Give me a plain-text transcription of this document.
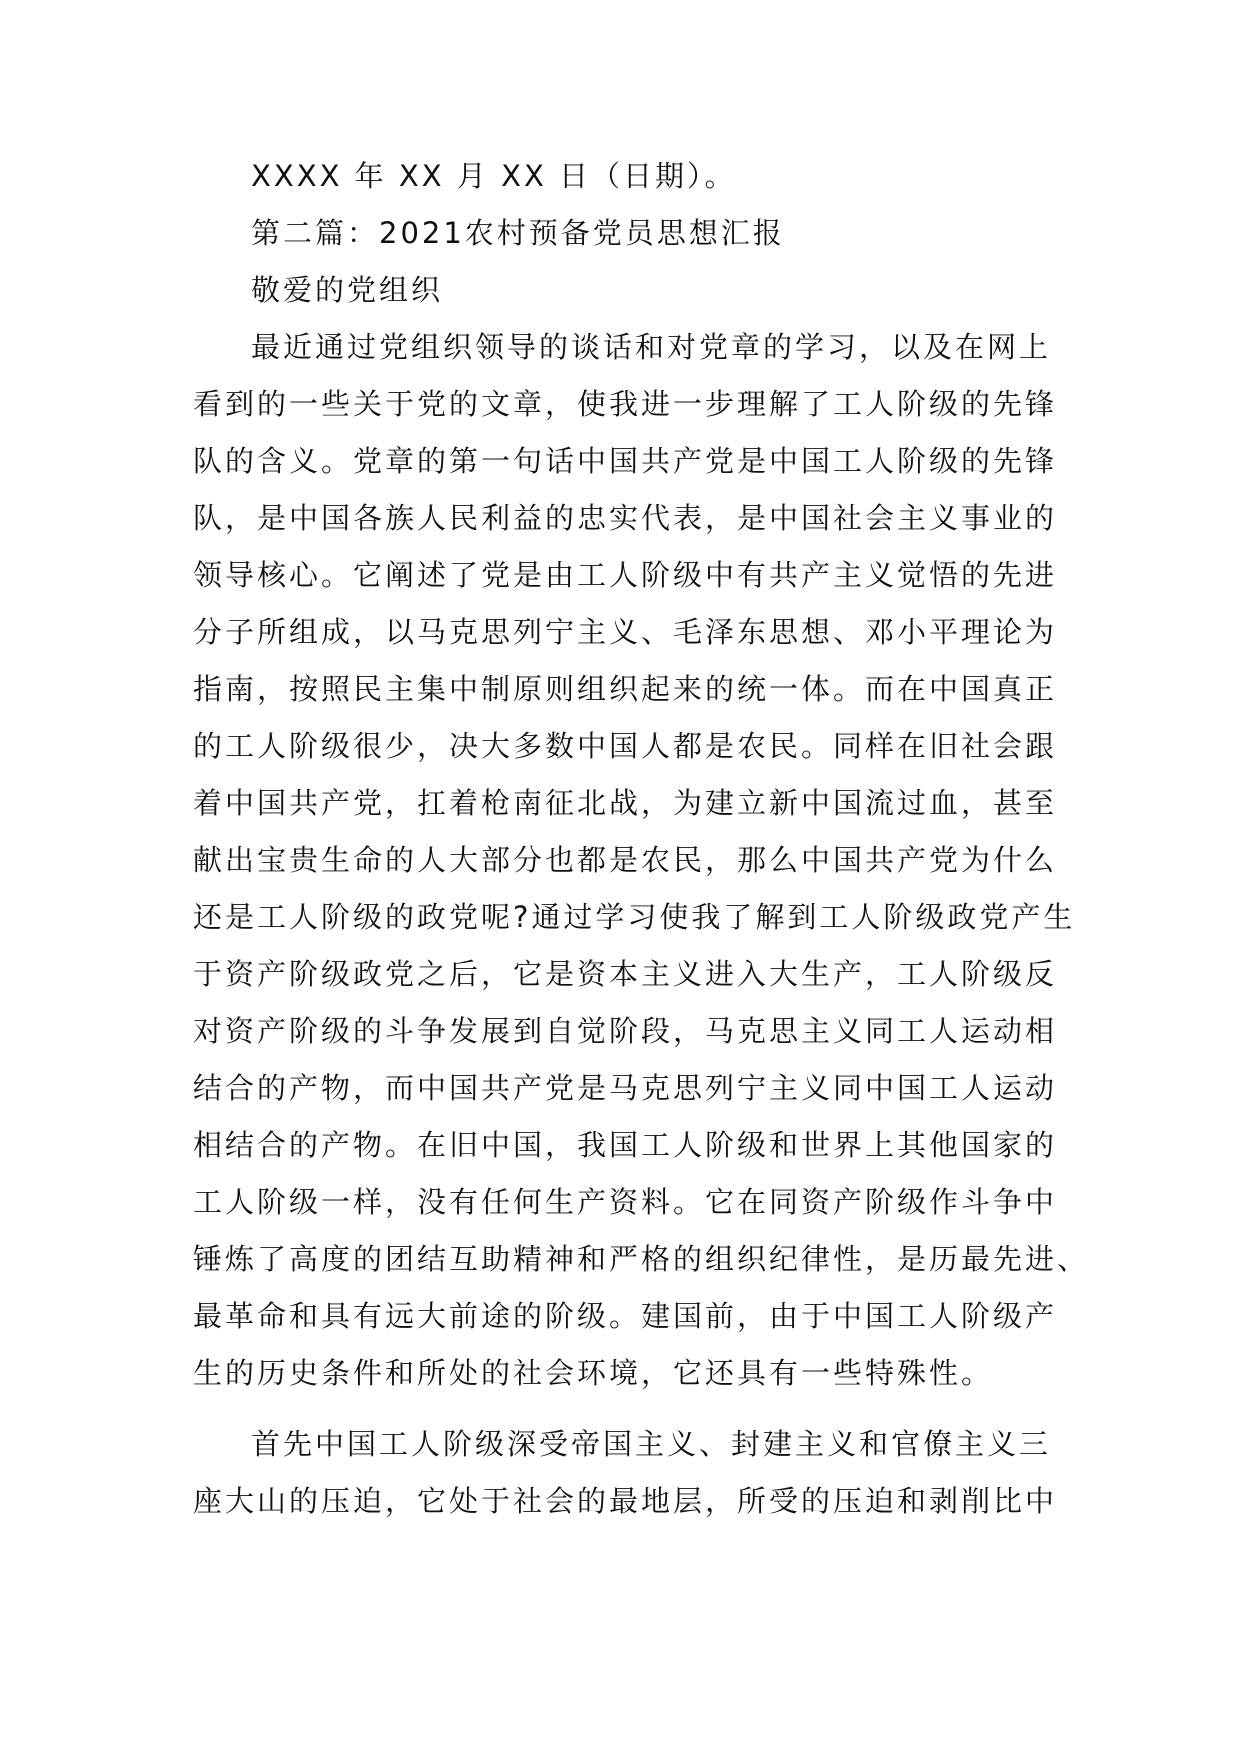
XXXX 年 XX 月 XX 日（日期）。
第二篇：2021农村预备党员思想汇报
敬爱的党组织
最近通过党组织领导的谈话和对党章的学习，以及在网上
看到的一些关于党的文章，使我进一步理解了工人阶级的先锋
队的含义。党章的第一句话中国共产党是中国工人阶级的先锋
队，是中国各族人民利益的忠实代表，是中国社会主义事业的
领导核心。它阐述了党是由工人阶级中有共产主义觉悟的先进
分子所组成，以马克思列宁主义、毛泽东思想、邓小平理论为
指南，按照民主集中制原则组织起来的统一体。而在中国真正
的工人阶级很少，决大多数中国人都是农民。同样在旧社会跟
着中国共产党，扛着枪南征北战，为建立新中国流过血，甚至
献出宝贵生命的人大部分也都是农民，那么中国共产党为什么
还是工人阶级的政党呢?通过学习使我了解到工人阶级政党产生
于资产阶级政党之后，它是资本主义进入大生产，工人阶级反
对资产阶级的斗争发展到自觉阶段，马克思主义同工人运动相
结合的产物，而中国共产党是马克思列宁主义同中国工人运动
相结合的产物。在旧中国，我国工人阶级和世界上其他国家的
工人阶级一样，没有任何生产资料。它在同资产阶级作斗争中
锤炼了高度的团结互助精神和严格的组织纪律性，是历最先进、
最革命和具有远大前途的阶级。建国前，由于中国工人阶级产
生的历史条件和所处的社会环境，它还具有一些特殊性。
首先中国工人阶级深受帝国主义、封建主义和官僚主义三
座大山的压迫，它处于社会的最地层，所受的压迫和剥削比中
